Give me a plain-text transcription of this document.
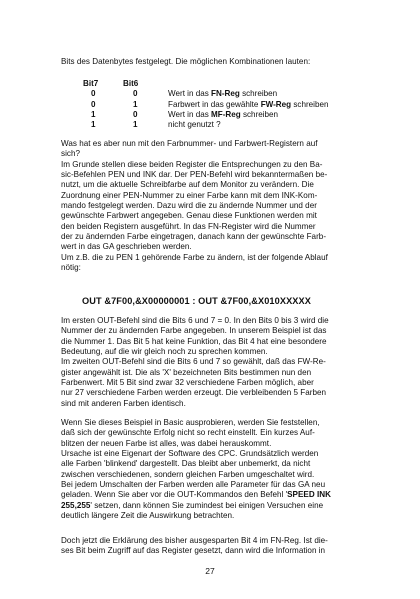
Bits des Datenbytes festgelegt. Die möglichen Kombinationen lauten:
Bit7	Bit6
0	0	Wert in das FN-Reg schreiben
0	1	Farbwert in das gewählte FW-Reg schreiben
1	0	Wert in das MF-Reg schreiben
1	1	nicht genutzt ?
Was hat es aber nun mit den Farbnummer- und Farbwert-Registern auf
sich?
Im Grunde stellen diese beiden Register die Entsprechungen zu den Ba-
sic-Befehlen PEN und INK dar. Der PEN-Befehl wird bekanntermaßen be-
nutzt, um die aktuelle Schreibfarbe auf dem Monitor zu verändern. Die
Zuordnung einer PEN-Nummer zu einer Farbe kann mit dem INK-Kom-
mando festgelegt werden. Dazu wird die zu ändernde Nummer und der
gewünschte Farbwert angegeben. Genau diese Funktionen werden mit
den beiden Registern ausgeführt. In das FN-Register wird die Nummer
der zu ändernden Farbe eingetragen, danach kann der gewünschte Farb-
wert in das GA geschrieben werden.
Um z.B. die zu PEN 1 gehörende Farbe zu ändern, ist der folgende Ablauf
nötig:
OUT &7F00,&X00000001 : OUT &7F00,&X010XXXXX
Im ersten OUT-Befehl sind die Bits 6 und 7 = 0. In den Bits 0 bis 3 wird die
Nummer der zu ändernden Farbe angegeben. In unserem Beispiel ist das
die Nummer 1. Das Bit 5 hat keine Funktion, das Bit 4 hat eine besondere
Bedeutung, auf die wir gleich noch zu sprechen kommen.
Im zweiten OUT-Befehl sind die Bits 6 und 7 so gewählt, daß das FW-Re-
gister angewählt ist. Die als 'X' bezeichneten Bits bestimmen nun den
Farbenwert. Mit 5 Bit sind zwar 32 verschiedene Farben möglich, aber
nur 27 verschiedene Farben werden erzeugt. Die verbleibenden 5 Farben
sind mit anderen Farben identisch.
Wenn Sie dieses Beispiel in Basic ausprobieren, werden Sie feststellen,
daß sich der gewünschte Erfolg nicht so recht einstellt. Ein kurzes Auf-
blitzen der neuen Farbe ist alles, was dabei herauskommt.
Ursache ist eine Eigenart der Software des CPC. Grundsätzlich werden
alle Farben 'blinkend' dargestellt. Das bleibt aber unbemerkt, da nicht
zwischen verschiedenen, sondern gleichen Farben umgeschaltet wird.
Bei jedem Umschalten der Farben werden alle Parameter für das GA neu
geladen. Wenn Sie aber vor die OUT-Kommandos den Befehl 'SPEED INK
255,255' setzen, dann können Sie zumindest bei einigen Versuchen eine
deutlich längere Zeit die Auswirkung betrachten.
Doch jetzt die Erklärung des bisher ausgesparten Bit 4 im FN-Reg. Ist die-
ses Bit beim Zugriff auf das Register gesetzt, dann wird die Information in
27
